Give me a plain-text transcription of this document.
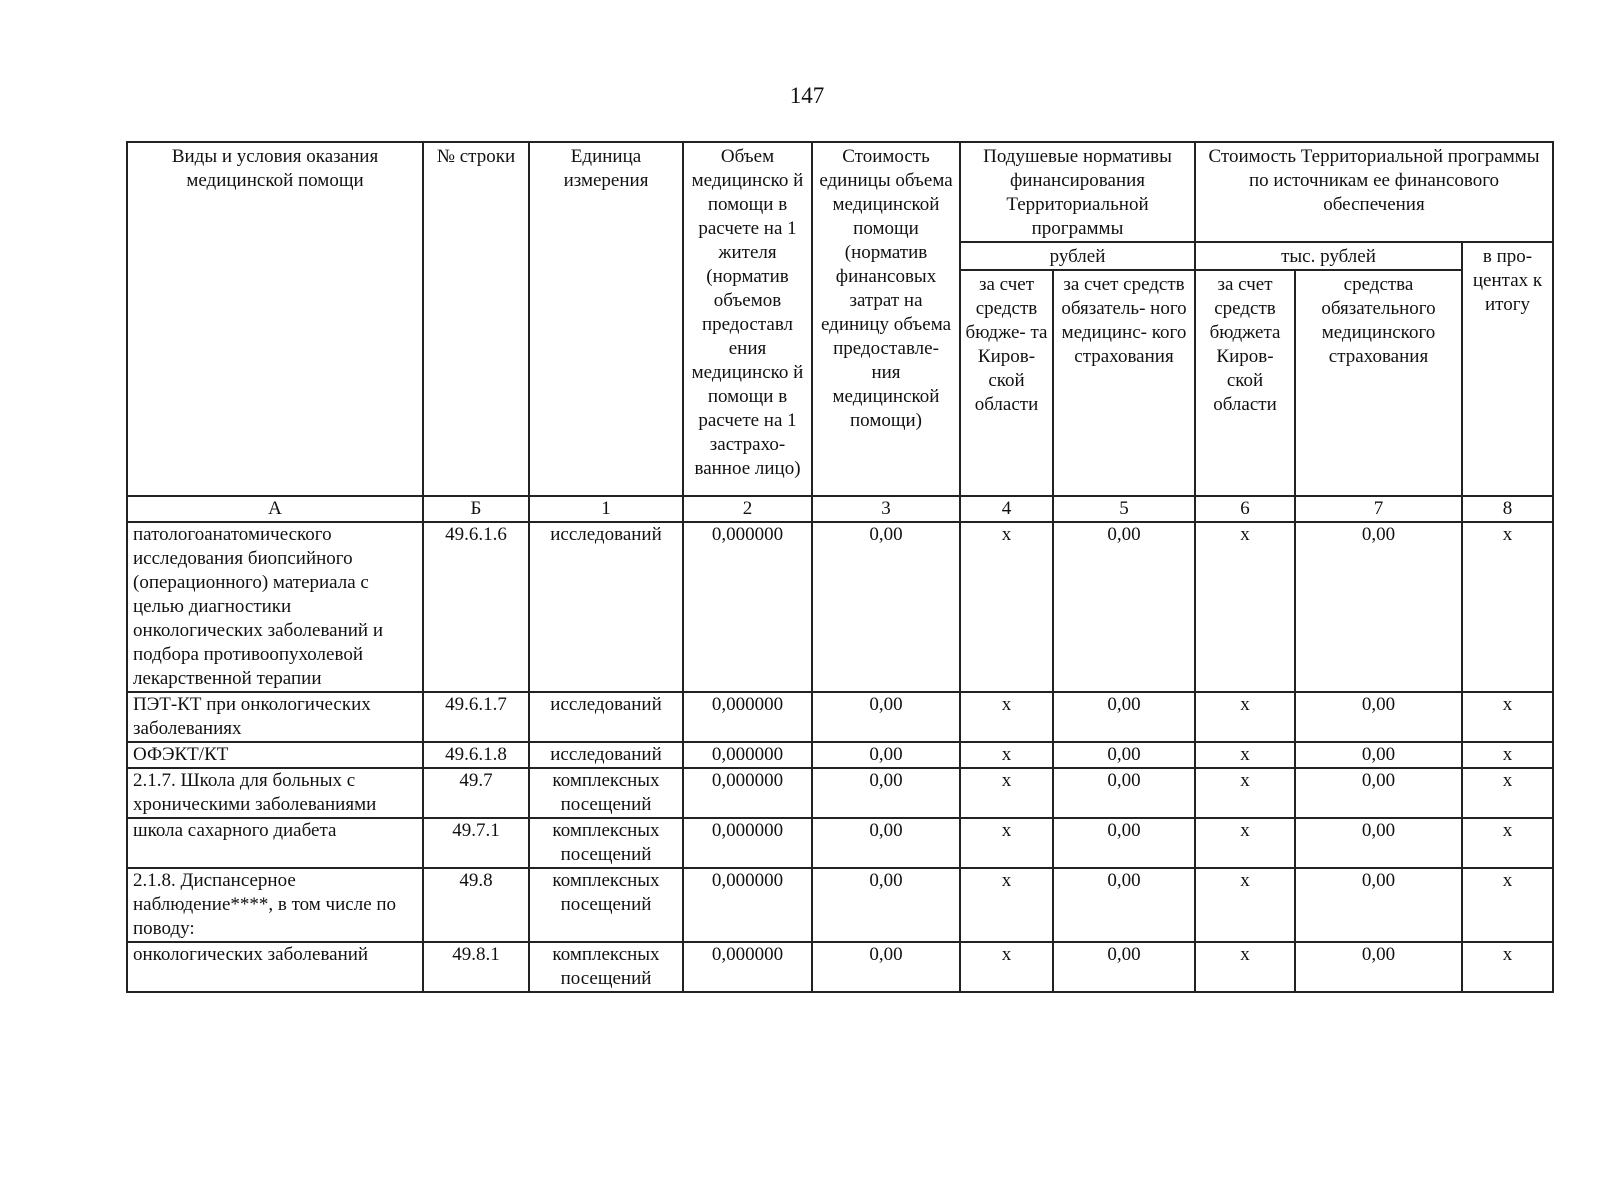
147
Виды и условия оказания медицинской помощи	№ строки	Единица измерения	Объем медицинско й помощи в расчете на 1 жителя (норматив объемов предоставл ения медицинско й помощи в расчете на 1 застрахо- ванное лицо)	Стоимость единицы объема медицинской помощи (норматив финансовых затрат на единицу объема предоставле- ния медицинской помощи)	Подушевые нормативы финансирования Территориальной программы		Стоимость Территориальной программы по источникам ее финансового обеспечения		
					рублей		тыс. рублей		в про- центах к итогу
					за счет средств бюдже- та Киров- ской области	за счет средств обязатель- ного медицинс- кого страхования	за счет средств бюджета Киров- ской области	средства обязательного медицинского страхования	
А	Б	1	2	3	4	5	6	7	8
патологоанатомического исследования биопсийного (операционного) материала с целью диагностики онкологических заболеваний и подбора противоопухолевой лекарственной терапии	49.6.1.6	исследований	0,000000	0,00	х	0,00	х	0,00	х
ПЭТ-КТ при онкологических заболеваниях	49.6.1.7	исследований	0,000000	0,00	х	0,00	х	0,00	х
ОФЭКТ/КТ	49.6.1.8	исследований	0,000000	0,00	х	0,00	х	0,00	х
2.1.7. Школа для больных с хроническими заболеваниями	49.7	комплексных посещений	0,000000	0,00	х	0,00	х	0,00	х
школа сахарного диабета	49.7.1	комплексных посещений	0,000000	0,00	х	0,00	х	0,00	х
2.1.8. Диспансерное наблюдение****, в том числе по поводу:	49.8	комплексных посещений	0,000000	0,00	х	0,00	х	0,00	х
онкологических заболеваний	49.8.1	комплексных посещений	0,000000	0,00	х	0,00	х	0,00	х
